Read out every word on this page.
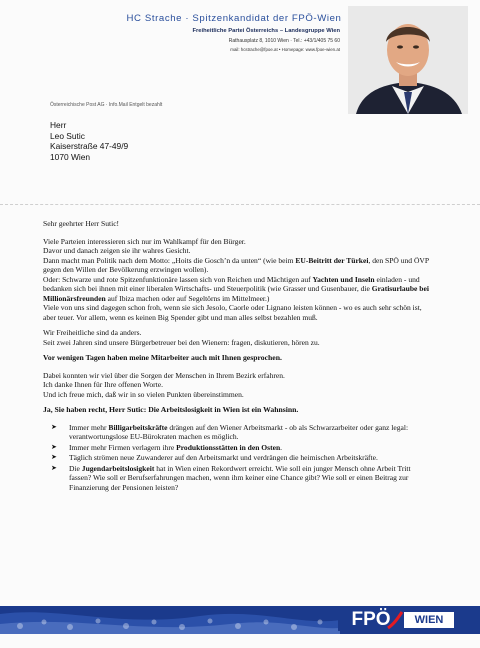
HC Strache · Spitzenkandidat der FPÖ-Wien
Freiheitliche Partei Österreichs – Landesgruppe Wien
Rathausplatz 8, 1010 Wien · Tel.: +43/1/405 75 60
mail: hcstrache@fpoe.at • Homepage: www.fpoe-wien.at
Österreichische Post AG · Info.Mail Entgelt bezahlt
Herr
Leo Sutic
Kaiserstraße 47-49/9
1070 Wien

Sehr geehrter Herr Sutic!

Viele Parteien interessieren sich nur im Wahlkampf für den Bürger.
Davor und danach zeigen sie ihr wahres Gesicht.
Dann macht man Politik nach dem Motto: „Hoits die Gosch’n da unten“ (wie beim EU-Beitritt der Türkei, den SPÖ und ÖVP gegen den Willen der Bevölkerung erzwingen wollen).
Oder: Schwarze und rote Spitzenfunktionäre lassen sich von Reichen und Mächtigen auf Yachten und Inseln einladen - und bedanken sich bei ihnen mit einer liberalen Wirtschafts- und Steuerpolitik (wie Grasser und Gusenbauer, die Gratisurlaube bei Millionärsfreunden auf Ibiza machen oder auf Segeltörns im Mittelmeer.)
Viele von uns sind dagegen schon froh, wenn sie sich Jesolo, Caorle oder Lignano leisten können - wo es auch sehr schön ist, aber teuer. Vor allem, wenn es keinen Big Spender gibt und man alles selbst bezahlen muß.

Wir Freiheitliche sind da anders.
Seit zwei Jahren sind unsere Bürgerbetreuer bei den Wienern: fragen, diskutieren, hören zu.

Vor wenigen Tagen haben meine Mitarbeiter auch mit Ihnen gesprochen.

Dabei konnten wir viel über die Sorgen der Menschen in Ihrem Bezirk erfahren.
Ich danke Ihnen für Ihre offenen Worte.
Und ich freue mich, daß wir in so vielen Punkten übereinstimmen.

Ja, Sie haben recht, Herr Sutic: Die Arbeitslosigkeit in Wien ist ein Wahnsinn.

➤ Immer mehr Billigarbeitskräfte drängen auf den Wiener Arbeitsmarkt - ob als Schwarzarbeiter oder ganz legal: verantwortungslose EU-Bürokraten machen es möglich.
➤ Immer mehr Firmen verlagern ihre Produktionsstätten in den Osten.
➤ Täglich strömen neue Zuwanderer auf den Arbeitsmarkt und verdrängen die heimischen Arbeitskräfte.
➤ Die Jugendarbeitslosigkeit hat in Wien einen Rekordwert erreicht. Wie soll ein junger Mensch ohne Arbeit Tritt fassen? Wie soll er Berufserfahrungen machen, wenn ihm keiner eine Chance gibt? Wie soll er einen Beitrag zur Finanzierung der Pensionen leisten?
FPÖ	WIEN
